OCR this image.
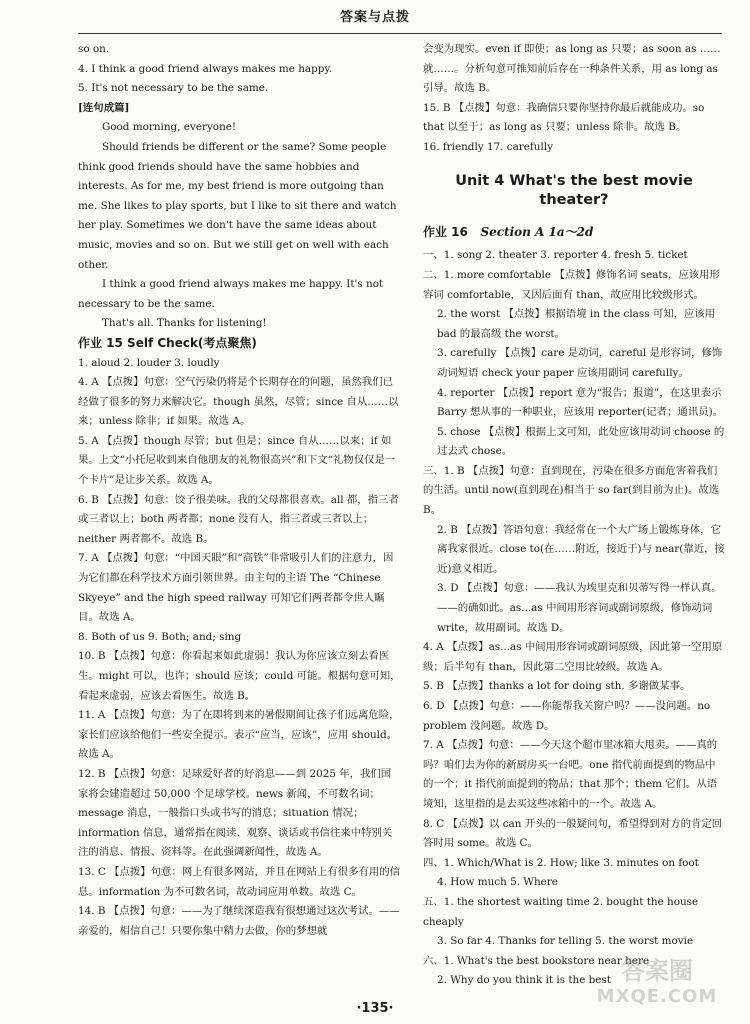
答案与点拨

so on.

4. I think a good friend always makes me happy.

5. It's not necessary to be the same.

[连句成篇]

Good morning, everyone!

Should friends be different or the same? Some people think good friends should have the same hobbies and interests. As for me, my best friend is more outgoing than me. She likes to play sports, but I like to sit there and watch her play. Sometimes we don't have the same ideas about music, movies and so on. But we still get on well with each other.

I think a good friend always makes me happy. It's not necessary to be the same.

That's all. Thanks for listening!

作业 15 Self Check(考点聚焦)

1. aloud 2. louder 3. loudly

4. A 【点拨】句意：空气污染仍将是个长期存在的问题，虽然我们已经做了很多的努力来解决它。though 虽然，尽管；since 自从……以来；unless 除非；if 如果。故选 A。

5. A 【点拨】though 尽管；but 但是；since 自从……以来；if 如果。上文“小托尼收到来自他朋友的礼物很高兴”和下文“礼物仅仅是一个卡片”是让步关系。故选 A。

6. B 【点拨】句意：饺子很美味。我的父母都很喜欢。all 都，指三者或三者以上；both 两者都；none 没有人，指三者或三者以上；neither 两者都不。故选 B。

7. A 【点拨】句意：“中国天眼”和“高铁”非常吸引人们的注意力，因为它们都在科学技术方面引领世界。由主句的主语 The “Chinese Skyeye” and the high speed railway 可知它们两者都令世人瞩目。故选 A。

8. Both of us 9. Both; and; sing

10. B 【点拨】句意：你看起来如此虚弱！我认为你应该立刻去看医生。might 可以，也许；should 应该；could 可能。根据句意可知，看起来虚弱，应该去看医生。故选 B。

11. A 【点拨】句意：为了在即将到来的暑假期间让孩子们远离危险，家长们应该给他们一些安全提示。表示“应当，应该”，应用 should。故选 A。

12. B 【点拨】句意：足球爱好者的好消息——到 2025 年，我们国家将会建造超过 50,000 个足球学校。news 新闻，不可数名词；message 消息，一般指口头或书写的消息；situation 情况；information 信息，通常指在阅读、观察、谈话或书信往来中特别关注的消息、情报、资料等。在此强调新闻性，故选 A。

13. C 【点拨】句意：网上有很多网站，并且在网站上有很多有用的信息。information 为不可数名词，故动词应用单数。故选 C。

14. B 【点拨】句意：——为了继续深造我有很想通过这次考试。——亲爱的，相信自己！只要你集中精力去做，你的梦想就

会变为现实。even if 即使；as long as 只要；as soon as ……就……。分析句意可推知前后存在一种条件关系，用 as long as 引导。故选 B。

15. B 【点拨】句意：我确信只要你坚持你最后就能成功。so that 以至于；as long as 只要；unless 除非。故选 B。

16. friendly 17. carefully

Unit 4 What's the best movie theater?
作业 16 Section A 1a～2d

一、1. song 2. theater 3. reporter 4. fresh 5. ticket

二、1. more comfortable 【点拨】修饰名词 seats，应该用形容词 comfortable，又因后面有 than，故应用比较级形式。

2. the worst 【点拨】根据语境 in the class 可知，应该用 bad 的最高级 the worst。

3. carefully 【点拨】care 是动词，careful 是形容词，修饰动词短语 check your paper 应该用副词 carefully。

4. reporter 【点拨】report 意为“报告；报道”，在这里表示 Barry 想从事的一种职业，应该用 reporter(记者；通讯员)。

5. chose 【点拨】根据上文可知，此处应该用动词 choose 的过去式 chose。

三、1. B 【点拨】句意：直到现在，污染在很多方面危害着我们的生活。until now(直到现在)相当于 so far(到目前为止)。故选 B。

2. B 【点拨】答语句意：我经常在一个大广场上锻炼身体，它离我家很近。close to(在……附近，接近于)与 near(靠近，接近)意义相近。

3. D 【点拨】句意：——我认为埃里克和贝蒂写得一样认真。——的确如此。as...as 中间用形容词或副词原级，修饰动词 write，故用副词。故选 D。

4. A 【点拨】as...as 中间用形容词或副词原级，因此第一空用原级；后半句有 than，因此第二空用比较级。故选 A。

5. B 【点拨】thanks a lot for doing sth. 多谢做某事。

6. D 【点拨】句意：——你能帮我关窗户吗？——没问题。no problem 没问题。故选 D。

7. A 【点拨】句意：——今天这个超市里冰箱大甩卖。——真的吗？咱们去为你的新厨房买一台吧。one 指代前面提到的物品中的一个；it 指代前面提到的物品；that 那个；them 它们。从语境知，这里指的是去买这些冰箱中的一个。故选 A。

8. C 【点拨】以 can 开头的一般疑问句，希望得到对方的肯定回答时用 some。故选 C。

四、1. Which/What is 2. How; like 3. minutes on foot

4. How much 5. Where

五、1. the shortest waiting time 2. bought the house cheaply

3. So far 4. Thanks for telling 5. the worst movie

六、1. What's the best bookstore near here

2. Why do you think it is the best

·135·
答案圈
MXQE.COM
